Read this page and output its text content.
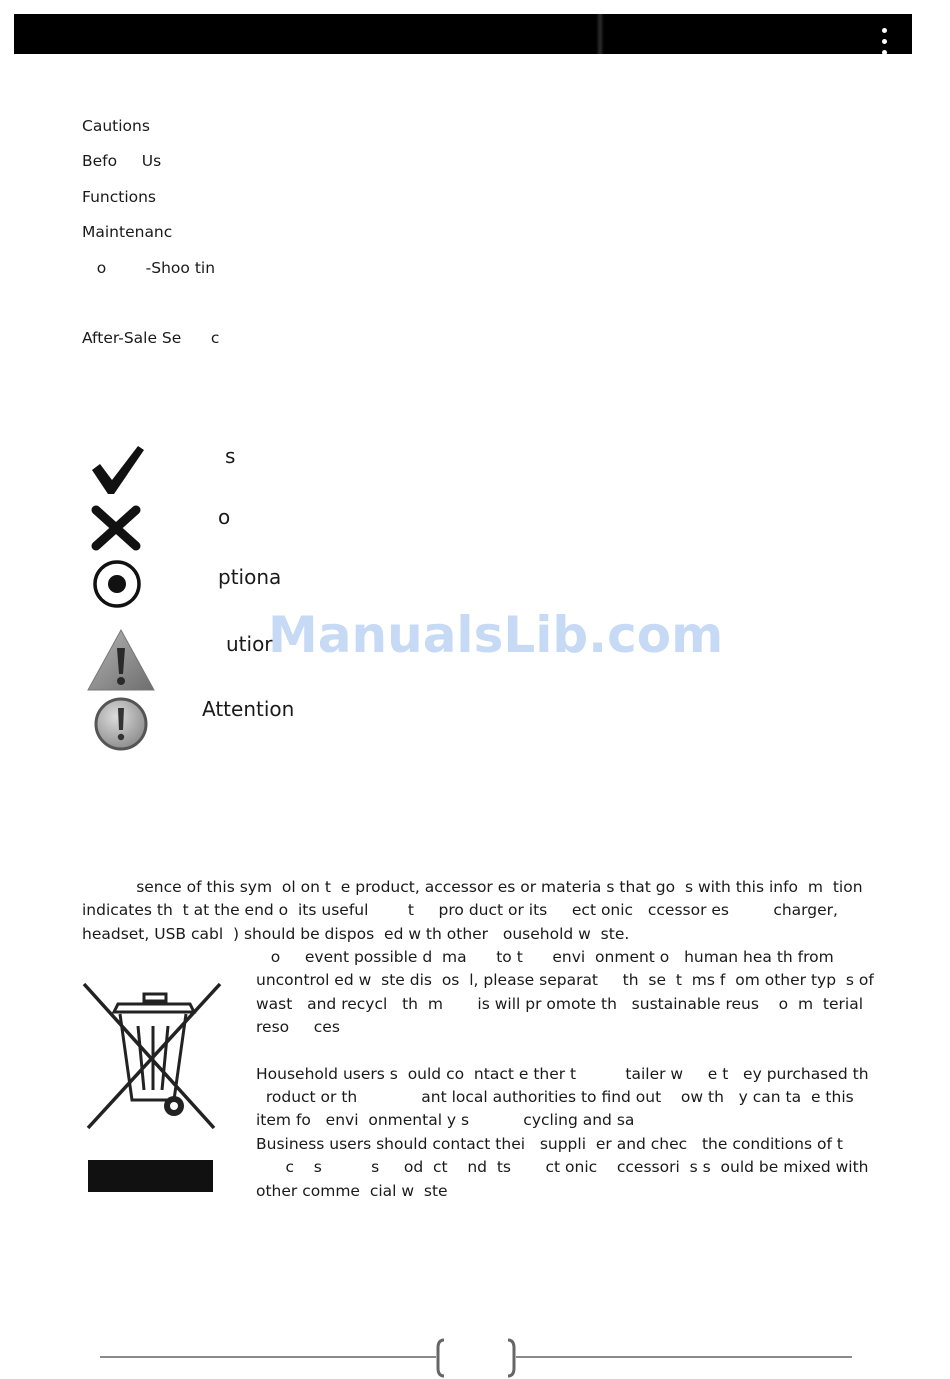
Cautions
Befo     Us
Functions
Maintenanc
o        -Shoo tin
After-Sale Se      c
s
o
ptiona
utior
Attention
ManualsLib.com
sence of this sym  ol on t  e product, accessor es or materia s that go  s with this info  m  tion
indicates th  t at the end o  its useful        t     pro duct or its     ect onic   ccessor es         charger,
headset, USB cabl  ) should be dispos  ed w th other   ousehold w  ste.
o     event possible d  ma      to t      envi  onment o   human hea th from
uncontrol ed w  ste dis  os  l, please separat     th  se  t  ms f  om other typ  s of
wast   and recycl   th  m       is will pr omote th   sustainable reus    o  m  terial
reso     ces
Household users s  ould co  ntact e ther t          tailer w     e t   ey purchased th
roduct or th             ant local authorities to find out    ow th   y can ta  e this
item fo   envi  onmental y s           cycling and sa
Business users should contact thei   suppli  er and chec   the conditions of t
c    s          s     od  ct    nd  ts       ct onic    ccessori  s s  ould be mixed with
other comme  cial w  ste
